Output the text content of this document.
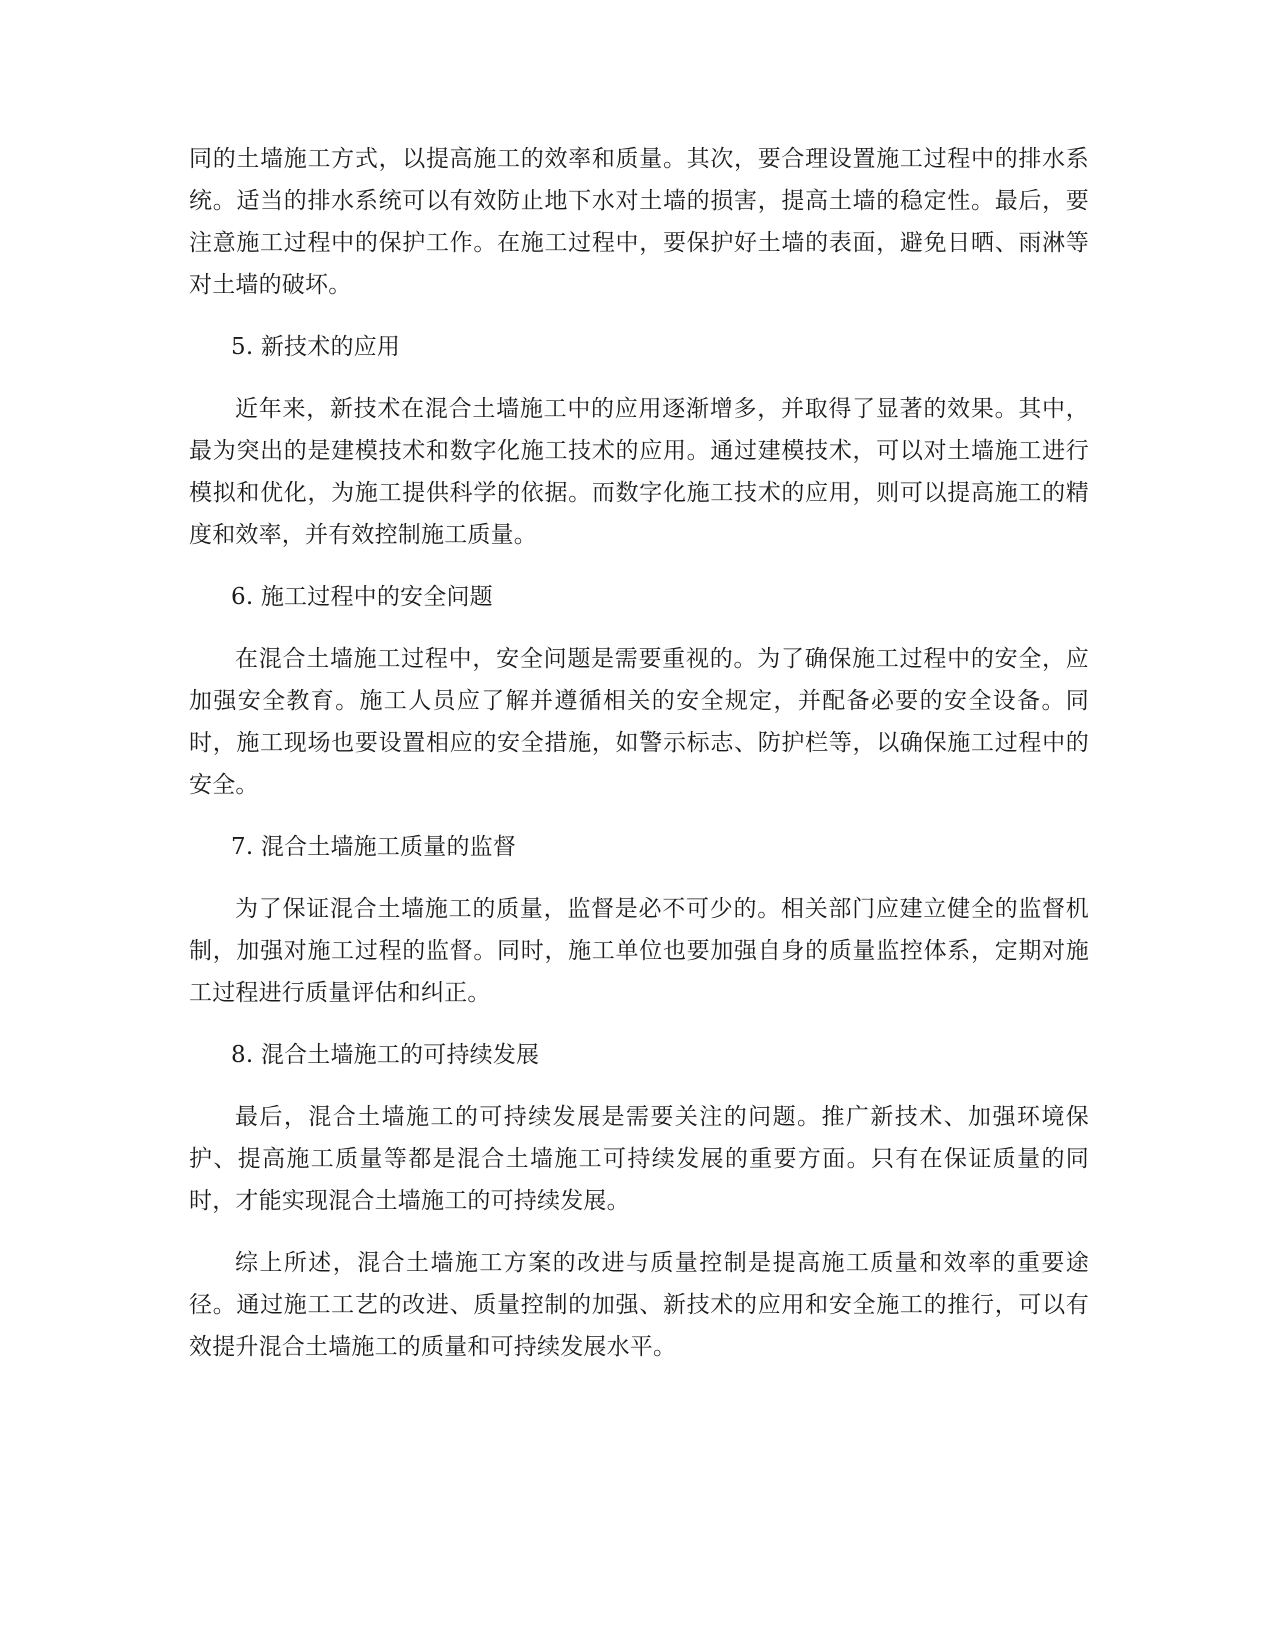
同的土墙施工方式，以提高施工的效率和质量。其次，要合理设置施工过程中的排水系统。适当的排水系统可以有效防止地下水对土墙的损害，提高土墙的稳定性。最后，要注意施工过程中的保护工作。在施工过程中，要保护好土墙的表面，避免日晒、雨淋等对土墙的破坏。

5. 新技术的应用

近年来，新技术在混合土墙施工中的应用逐渐增多，并取得了显著的效果。其中，最为突出的是建模技术和数字化施工技术的应用。通过建模技术，可以对土墙施工进行模拟和优化，为施工提供科学的依据。而数字化施工技术的应用，则可以提高施工的精度和效率，并有效控制施工质量。

6. 施工过程中的安全问题

在混合土墙施工过程中，安全问题是需要重视的。为了确保施工过程中的安全，应加强安全教育。施工人员应了解并遵循相关的安全规定，并配备必要的安全设备。同时，施工现场也要设置相应的安全措施，如警示标志、防护栏等，以确保施工过程中的安全。

7. 混合土墙施工质量的监督

为了保证混合土墙施工的质量，监督是必不可少的。相关部门应建立健全的监督机制，加强对施工过程的监督。同时，施工单位也要加强自身的质量监控体系，定期对施工过程进行质量评估和纠正。

8. 混合土墙施工的可持续发展

最后，混合土墙施工的可持续发展是需要关注的问题。推广新技术、加强环境保护、提高施工质量等都是混合土墙施工可持续发展的重要方面。只有在保证质量的同时，才能实现混合土墙施工的可持续发展。

综上所述，混合土墙施工方案的改进与质量控制是提高施工质量和效率的重要途径。通过施工工艺的改进、质量控制的加强、新技术的应用和安全施工的推行，可以有效提升混合土墙施工的质量和可持续发展水平。
